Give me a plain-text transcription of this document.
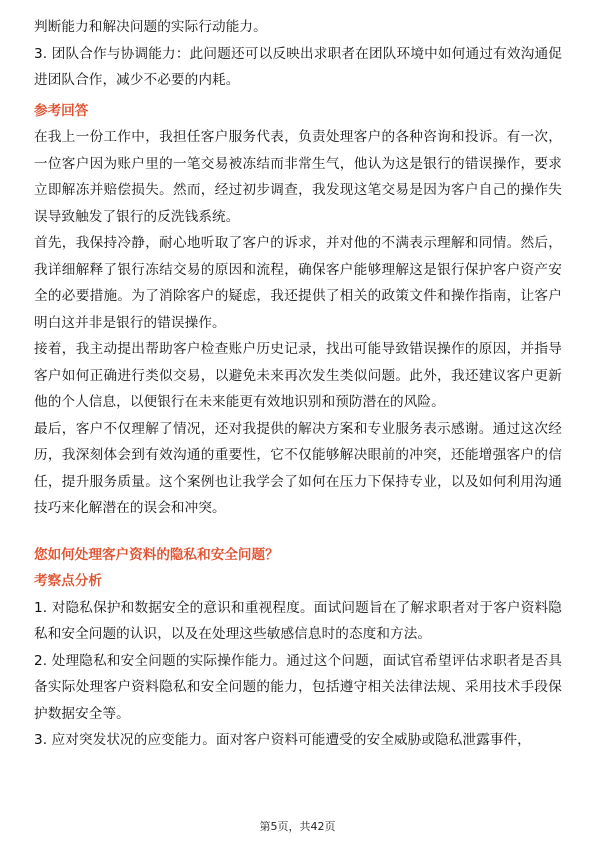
判断能力和解决问题的实际行动能力。

3. 团队合作与协调能力：此问题还可以反映出求职者在团队环境中如何通过有效沟通促进团队合作，减少不必要的内耗。

参考回答

在我上一份工作中，我担任客户服务代表，负责处理客户的各种咨询和投诉。有一次，一位客户因为账户里的一笔交易被冻结而非常生气，他认为这是银行的错误操作，要求立即解冻并赔偿损失。然而，经过初步调查，我发现这笔交易是因为客户自己的操作失误导致触发了银行的反洗钱系统。

首先，我保持冷静，耐心地听取了客户的诉求，并对他的不满表示理解和同情。然后，我详细解释了银行冻结交易的原因和流程，确保客户能够理解这是银行保护客户资产安全的必要措施。为了消除客户的疑虑，我还提供了相关的政策文件和操作指南，让客户明白这并非是银行的错误操作。

接着，我主动提出帮助客户检查账户历史记录，找出可能导致错误操作的原因，并指导客户如何正确进行类似交易，以避免未来再次发生类似问题。此外，我还建议客户更新他的个人信息，以便银行在未来能更有效地识别和预防潜在的风险。

最后，客户不仅理解了情况，还对我提供的解决方案和专业服务表示感谢。通过这次经历，我深刻体会到有效沟通的重要性，它不仅能够解决眼前的冲突，还能增强客户的信任，提升服务质量。这个案例也让我学会了如何在压力下保持专业，以及如何利用沟通技巧来化解潜在的误会和冲突。

您如何处理客户资料的隐私和安全问题？

考察点分析

1. 对隐私保护和数据安全的意识和重视程度。面试问题旨在了解求职者对于客户资料隐私和安全问题的认识，以及在处理这些敏感信息时的态度和方法。

2. 处理隐私和安全问题的实际操作能力。通过这个问题，面试官希望评估求职者是否具备实际处理客户资料隐私和安全问题的能力，包括遵守相关法律法规、采用技术手段保护数据安全等。

3. 应对突发状况的应变能力。面对客户资料可能遭受的安全威胁或隐私泄露事件，

第5页，共42页
